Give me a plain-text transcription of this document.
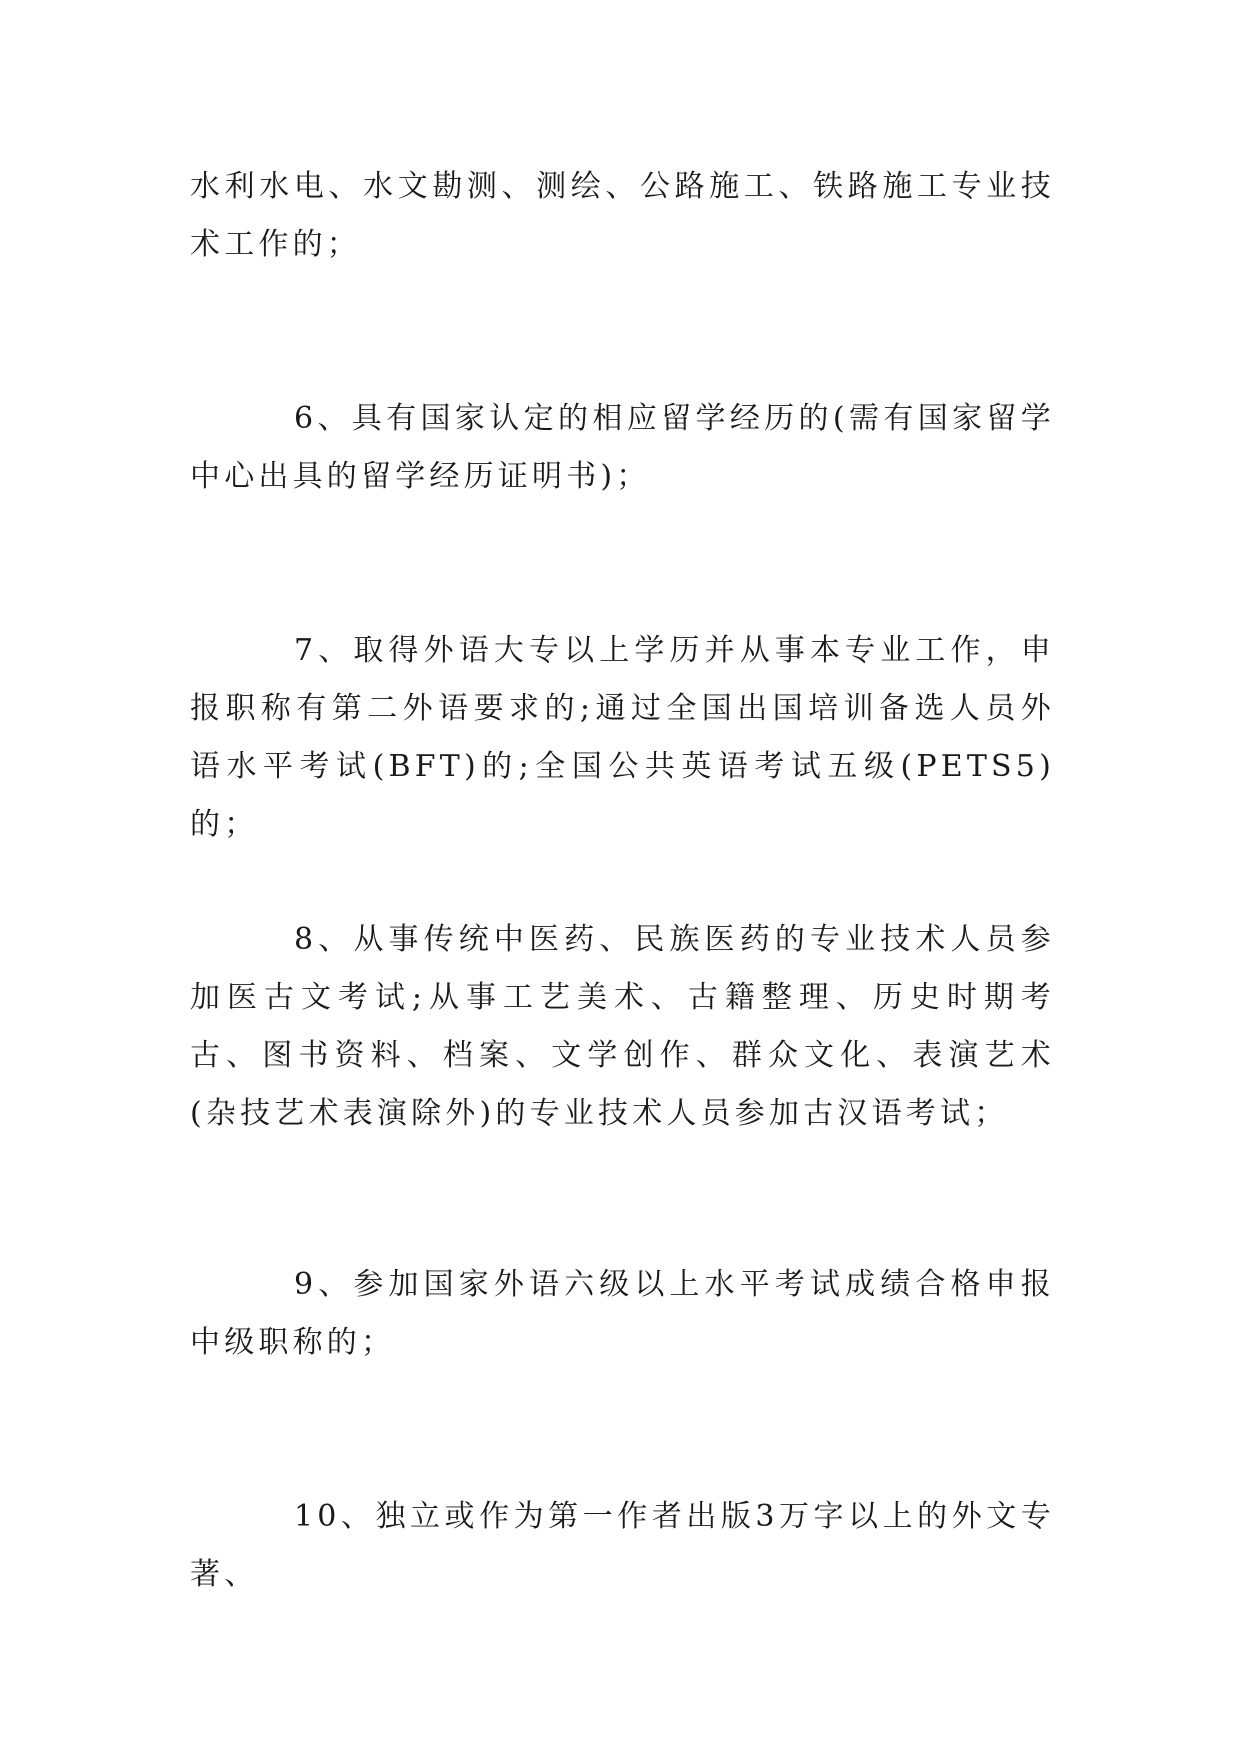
水利水电、水文勘测、测绘、公路施工、铁路施工专业技术工作的；

6、具有国家认定的相应留学经历的(需有国家留学中心出具的留学经历证明书)；

7、取得外语大专以上学历并从事本专业工作，申报职称有第二外语要求的;通过全国出国培训备选人员外语水平考试(BFT)的;全国公共英语考试五级(PETS5)的；

8、从事传统中医药、民族医药的专业技术人员参加医古文考试;从事工艺美术、古籍整理、历史时期考古、图书资料、档案、文学创作、群众文化、表演艺术(杂技艺术表演除外)的专业技术人员参加古汉语考试；

9、参加国家外语六级以上水平考试成绩合格申报中级职称的；

10、独立或作为第一作者出版3万字以上的外文专著、
